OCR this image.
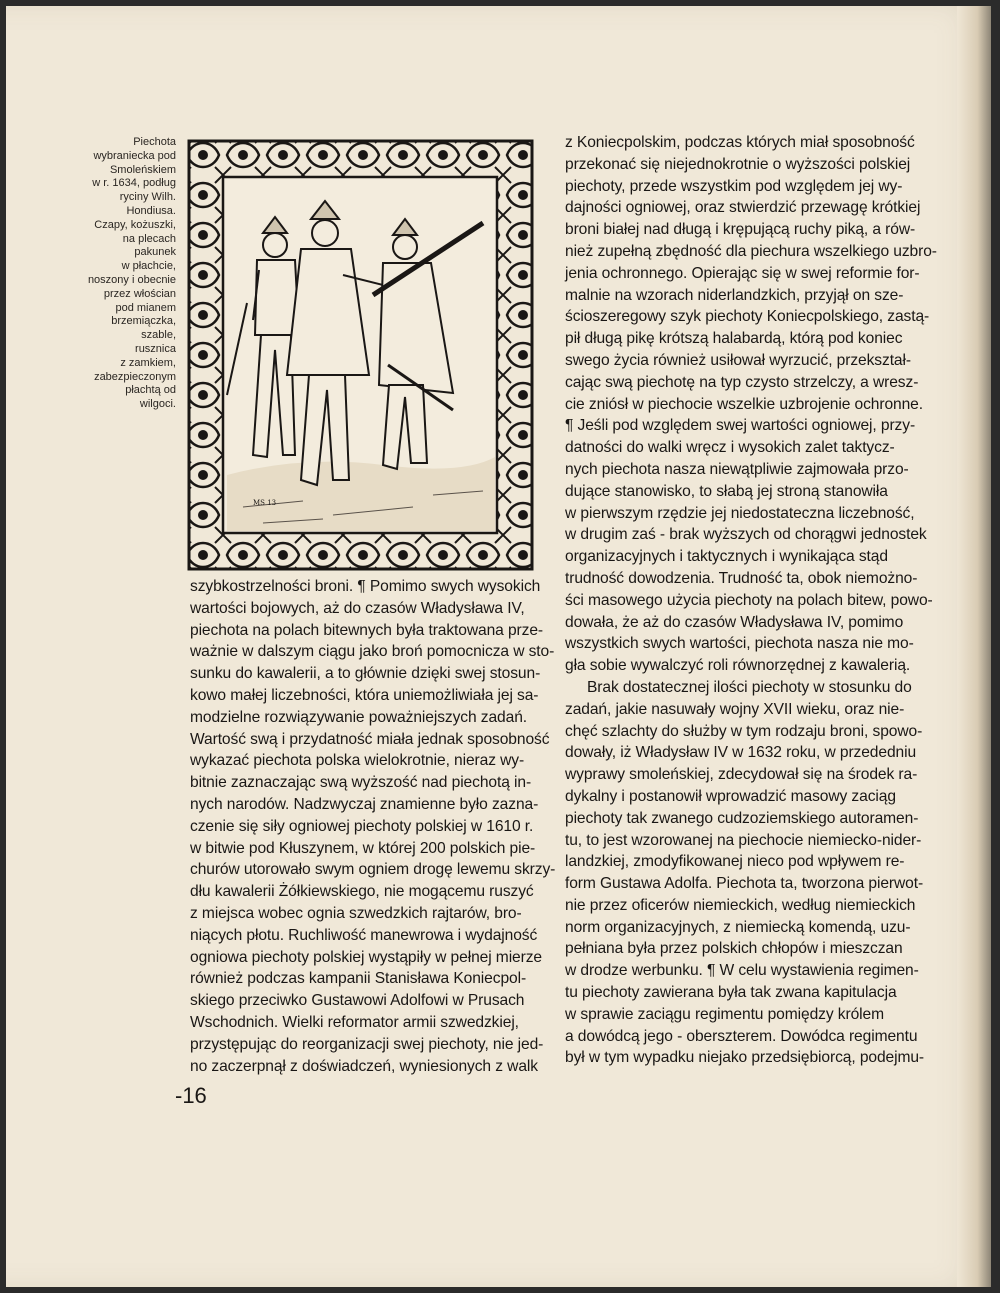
Piechota
wybraniecka pod
Smoleńskiem
w r. 1634, podług
ryciny Wilh.
Hondiusa.
Czapy, kożuszki,
na plecach
pakunek
w płachcie,
noszony i obecnie
przez włościan
pod mianem
brzemiączka,
szable,
rusznica
z zamkiem,
zabezpieczonym
płachtą od
wilgoci.
MS 13
szybkostrzelności broni. ¶ Pomimo swych wysokich
wartości bojowych, aż do czasów Władysława IV,
piechota na polach bitewnych była traktowana prze-
ważnie w dalszym ciągu jako broń pomocnicza w sto-
sunku do kawalerii, a to głównie dzięki swej stosun-
kowo małej liczebności, która uniemożliwiała jej sa-
modzielne rozwiązywanie poważniejszych zadań.
Wartość swą i przydatność miała jednak sposobność
wykazać piechota polska wielokrotnie, nieraz wy-
bitnie zaznaczając swą wyższość nad piechotą in-
nych narodów. Nadzwyczaj znamienne było zazna-
czenie się siły ogniowej piechoty polskiej w 1610 r.
w bitwie pod Kłuszynem, w której 200 polskich pie-
churów utorowało swym ogniem drogę lewemu skrzy-
dłu kawalerii Żółkiewskiego, nie mogącemu ruszyć
z miejsca wobec ognia szwedzkich rajtarów, bro-
niących płotu. Ruchliwość manewrowa i wydajność
ogniowa piechoty polskiej wystąpiły w pełnej mierze
również podczas kampanii Stanisława Koniecpol-
skiego przeciwko Gustawowi Adolfowi w Prusach
Wschodnich. Wielki reformator armii szwedzkiej,
przystępując do reorganizacji swej piechoty, nie jed-
no zaczerpnął z doświadczeń, wyniesionych z walk
z Koniecpolskim, podczas których miał sposobność
przekonać się niejednokrotnie o wyższości polskiej
piechoty, przede wszystkim pod względem jej wy-
dajności ogniowej, oraz stwierdzić przewagę krótkiej
broni białej nad długą i krępującą ruchy piką, a rów-
nież zupełną zbędność dla piechura wszelkiego uzbro-
jenia ochronnego. Opierając się w swej reformie for-
malnie na wzorach niderlandzkich, przyjął on sze-
ścioszeregowy szyk piechoty Koniecpolskiego, zastą-
pił długą pikę krótszą halabardą, którą pod koniec
swego życia również usiłował wyrzucić, przekształ-
cając swą piechotę na typ czysto strzelczy, a wresz-
cie zniósł w piechocie wszelkie uzbrojenie ochronne.
¶ Jeśli pod względem swej wartości ogniowej, przy-
datności do walki wręcz i wysokich zalet taktycz-
nych piechota nasza niewątpliwie zajmowała przo-
dujące stanowisko, to słabą jej stroną stanowiła
w pierwszym rzędzie jej niedostateczna liczebność,
w drugim zaś - brak wyższych od chorągwi jednostek
organizacyjnych i taktycznych i wynikająca stąd
trudność dowodzenia. Trudność ta, obok niemożno-
ści masowego użycia piechoty na polach bitew, powo-
dowała, że aż do czasów Władysława IV, pomimo
wszystkich swych wartości, piechota nasza nie mo-
gła sobie wywalczyć roli równorzędnej z kawalerią.
Brak dostatecznej ilości piechoty w stosunku do
zadań, jakie nasuwały wojny XVII wieku, oraz nie-
chęć szlachty do służby w tym rodzaju broni, spowo-
dowały, iż Władysław IV w 1632 roku, w przededniu
wyprawy smoleńskiej, zdecydował się na środek ra-
dykalny i postanowił wprowadzić masowy zaciąg
piechoty tak zwanego cudzoziemskiego autoramen-
tu, to jest wzorowanej na piechocie niemiecko-nider-
landzkiej, zmodyfikowanej nieco pod wpływem re-
form Gustawa Adolfa. Piechota ta, tworzona pierwot-
nie przez oficerów niemieckich, według niemieckich
norm organizacyjnych, z niemiecką komendą, uzu-
pełniana była przez polskich chłopów i mieszczan
w drodze werbunku. ¶ W celu wystawienia regimen-
tu piechoty zawierana była tak zwana kapitulacja
w sprawie zaciągu regimentu pomiędzy królem
a dowódcą jego - oberszterem. Dowódca regimentu
był w tym wypadku niejako przedsiębiorcą, podejmu-
-16
